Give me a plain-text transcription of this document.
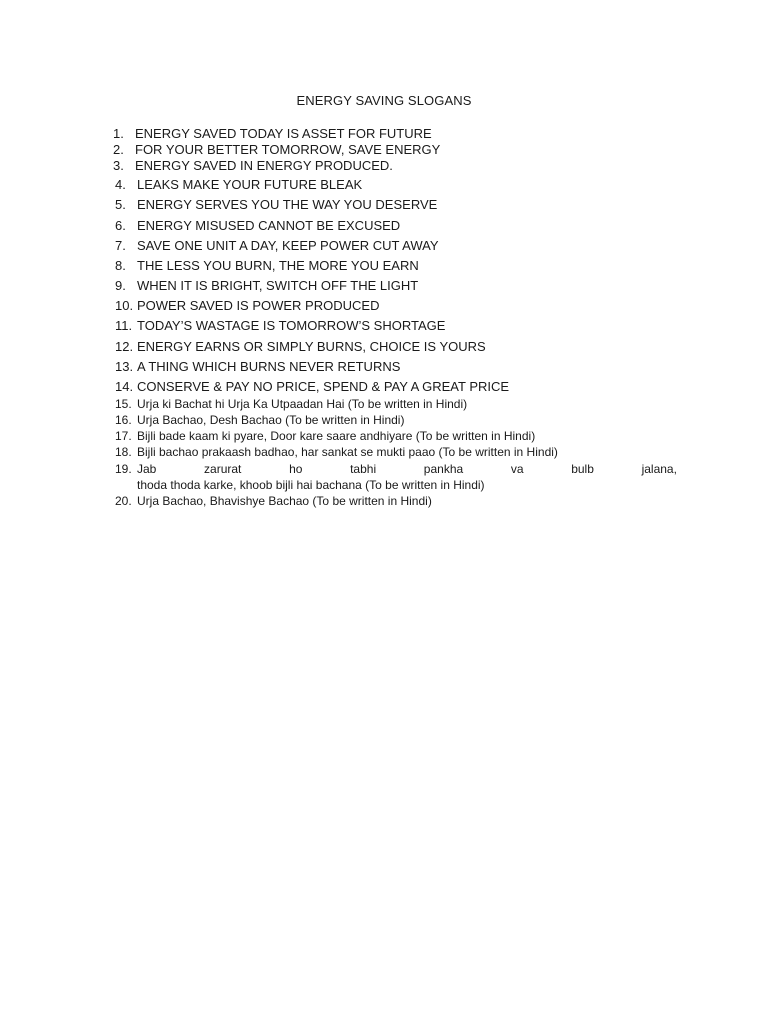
ENERGY SAVING SLOGANS
1. ENERGY SAVED TODAY IS ASSET FOR FUTURE
2. FOR YOUR BETTER TOMORROW, SAVE ENERGY
3. ENERGY SAVED IN ENERGY PRODUCED.
4. LEAKS MAKE YOUR FUTURE BLEAK
5. ENERGY SERVES YOU THE WAY YOU DESERVE
6. ENERGY MISUSED CANNOT BE EXCUSED
7. SAVE ONE UNIT A DAY, KEEP POWER CUT AWAY
8. THE LESS YOU BURN, THE MORE YOU EARN
9. WHEN IT IS BRIGHT, SWITCH OFF THE LIGHT
10. POWER SAVED IS POWER PRODUCED
11. TODAY’S WASTAGE IS TOMORROW’S SHORTAGE
12. ENERGY EARNS OR SIMPLY BURNS, CHOICE IS YOURS
13. A THING WHICH BURNS NEVER RETURNS
14. CONSERVE & PAY NO PRICE, SPEND & PAY A GREAT PRICE
15. Urja ki Bachat hi Urja Ka Utpaadan Hai (To be written in Hindi)
16. Urja Bachao, Desh Bachao (To be written in Hindi)
17. Bijli bade kaam ki pyare, Door kare saare andhiyare (To be written in Hindi)
18. Bijli bachao prakaash badhao, har sankat se mukti paao (To be written in Hindi)
19. Jab	zarurat	ho	tabhi	pankha	va	bulb	jalana,
thoda thoda karke, khoob bijli hai bachana (To be written in Hindi)
20. Urja Bachao, Bhavishye Bachao (To be written in Hindi)
